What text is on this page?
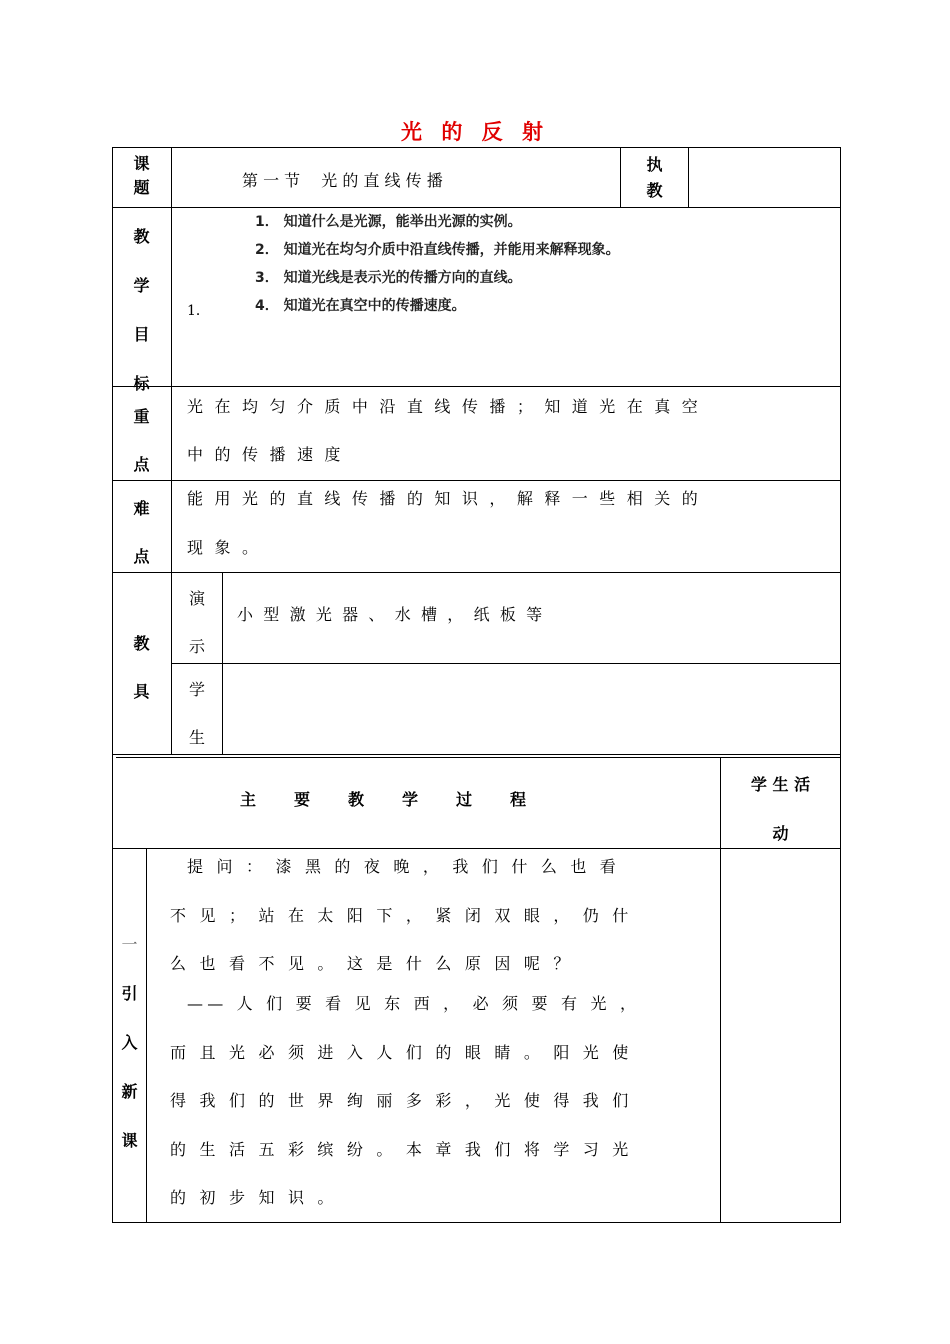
光 的 反 射
课
题	第 一 节　 光 的 直 线 传 播
执
教
教
学
目
标
1．
1． 知道什么是光源，能举出光源的实例。
2． 知道光在均匀介质中沿直线传播，并能用来解释现象。
3． 知道光线是表示光的传播方向的直线。
4． 知道光在真空中的传播速度。
重
点
光 在 均 匀 介 质 中 沿 直 线 传 播 ； 知 道 光 在 真 空
中 的 传 播 速 度
难
点
能 用 光 的 直 线 传 播 的 知 识 ， 解 释 一 些 相 关 的
现 象 。
教
具
演
示
小 型 激 光 器 、 水 槽 ， 纸 板 等
学
生
主　　要　　教　　学　　过　　程
学 生 活
动
一
引
入
新
课
提 问 ： 漆 黑 的 夜 晚 ， 我 们 什 么 也 看
不 见 ； 站 在 太 阳 下 ， 紧 闭 双 眼 ， 仍 什
么 也 看 不 见 。 这 是 什 么 原 因 呢 ？
—— 人 们 要 看 见 东 西 ， 必 须 要 有 光 ，
而 且 光 必 须 进 入 人 们 的 眼 睛 。 阳 光 使
得 我 们 的 世 界 绚 丽 多 彩 ， 光 使 得 我 们
的 生 活 五 彩 缤 纷 。 本 章 我 们 将 学 习 光
的 初 步 知 识 。
